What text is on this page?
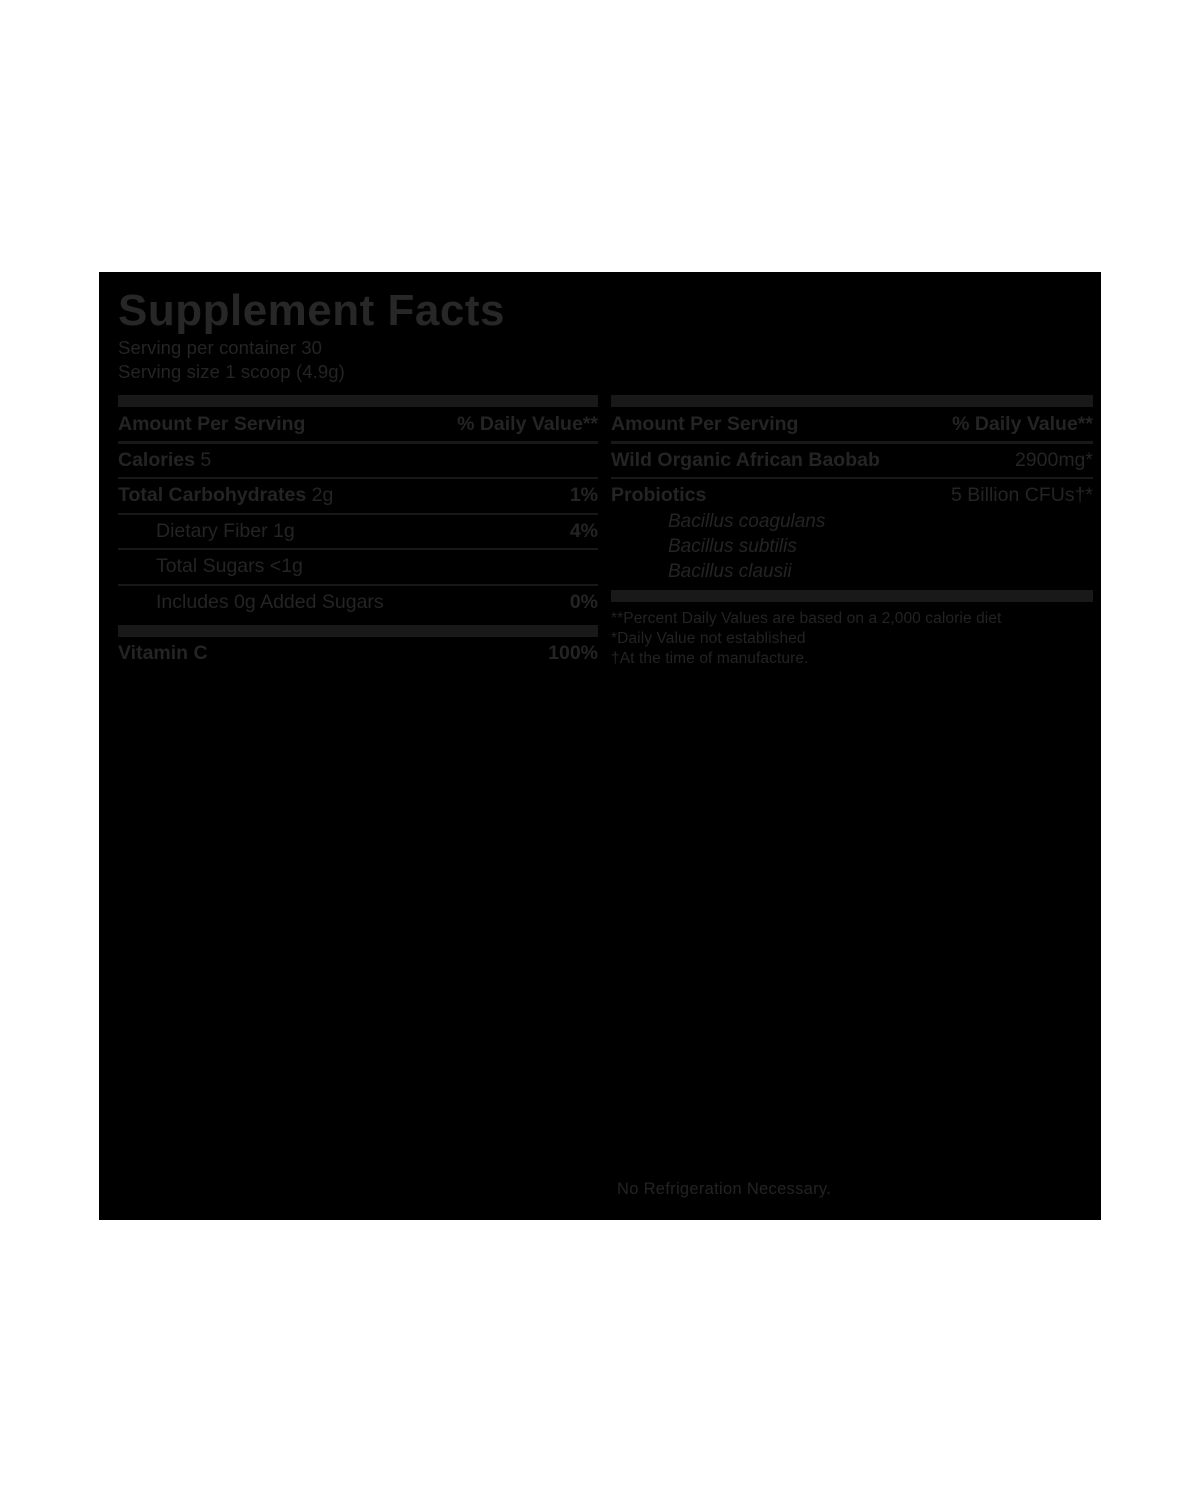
Supplement Facts
Serving per container 30
Serving size 1 scoop (4.9g)
Amount Per Serving	% Daily Value**
Calories 5
Total Carbohydrates 2g	1%
Dietary Fiber 1g	4%
Total Sugars <1g
Includes 0g Added Sugars	0%
Vitamin C	100%
Amount Per Serving	% Daily Value**
Wild Organic African Baobab	2900mg*
Probiotics	5 Billion CFUs†*
Bacillus coagulans
Bacillus subtilis
Bacillus clausii
**Percent Daily Values are based on a 2,000 calorie diet
*Daily Value not established
†At the time of manufacture.
No Refrigeration Necessary.
